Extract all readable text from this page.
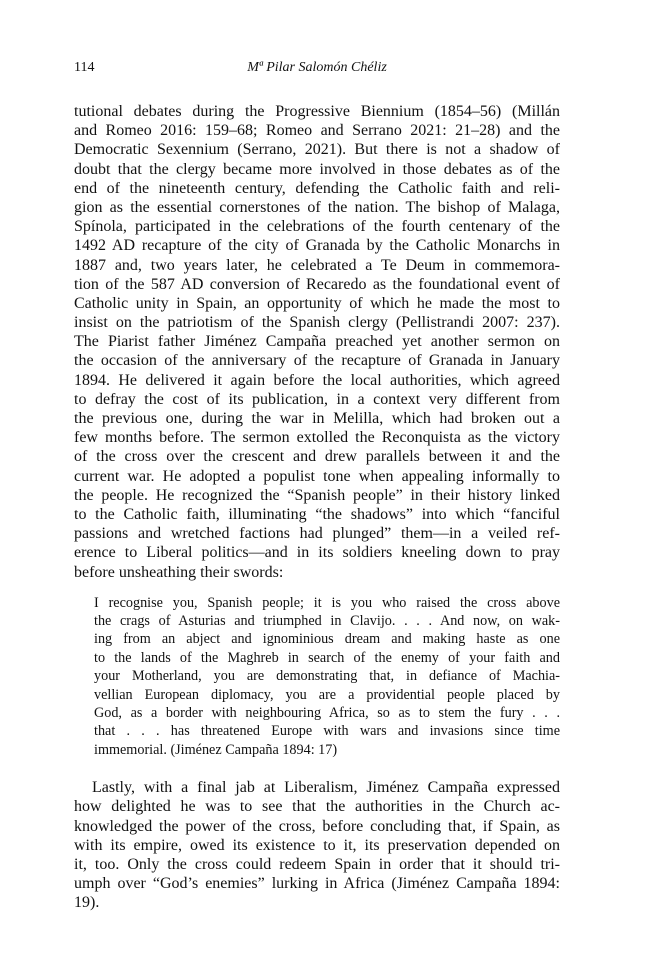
114	Mª Pilar Salomón Chéliz
tutional debates during the Progressive Biennium (1854–56) (Millán
and Romeo 2016: 159–68; Romeo and Serrano 2021: 21–28) and the
Democratic Sexennium (Serrano, 2021). But there is not a shadow of
doubt that the clergy became more involved in those debates as of the
end of the nineteenth century, defending the Catholic faith and reli-
gion as the essential cornerstones of the nation. The bishop of Malaga,
Spínola, participated in the celebrations of the fourth centenary of the
1492 AD recapture of the city of Granada by the Catholic Monarchs in
1887 and, two years later, he celebrated a Te Deum in commemora-
tion of the 587 AD conversion of Recaredo as the foundational event of
Catholic unity in Spain, an opportunity of which he made the most to
insist on the patriotism of the Spanish clergy (Pellistrandi 2007: 237).
The Piarist father Jiménez Campaña preached yet another sermon on
the occasion of the anniversary of the recapture of Granada in January
1894. He delivered it again before the local authorities, which agreed
to defray the cost of its publication, in a context very different from
the previous one, during the war in Melilla, which had broken out a
few months before. The sermon extolled the Reconquista as the victory
of the cross over the crescent and drew parallels between it and the
current war. He adopted a populist tone when appealing informally to
the people. He recognized the “Spanish people” in their history linked
to the Catholic faith, illuminating “the shadows” into which “fanciful
passions and wretched factions had plunged” them—in a veiled ref-
erence to Liberal politics—and in its soldiers kneeling down to pray
before unsheathing their swords:
I recognise you, Spanish people; it is you who raised the cross above
the crags of Asturias and triumphed in Clavijo. . . . And now, on wak-
ing from an abject and ignominious dream and making haste as one
to the lands of the Maghreb in search of the enemy of your faith and
your Motherland, you are demonstrating that, in defiance of Machia-
vellian European diplomacy, you are a providential people placed by
God, as a border with neighbouring Africa, so as to stem the fury . . .
that . . . has threatened Europe with wars and invasions since time
immemorial. (Jiménez Campaña 1894: 17)
Lastly, with a final jab at Liberalism, Jiménez Campaña expressed
how delighted he was to see that the authorities in the Church ac-
knowledged the power of the cross, before concluding that, if Spain, as
with its empire, owed its existence to it, its preservation depended on
it, too. Only the cross could redeem Spain in order that it should tri-
umph over “God’s enemies” lurking in Africa (Jiménez Campaña 1894:
19).
